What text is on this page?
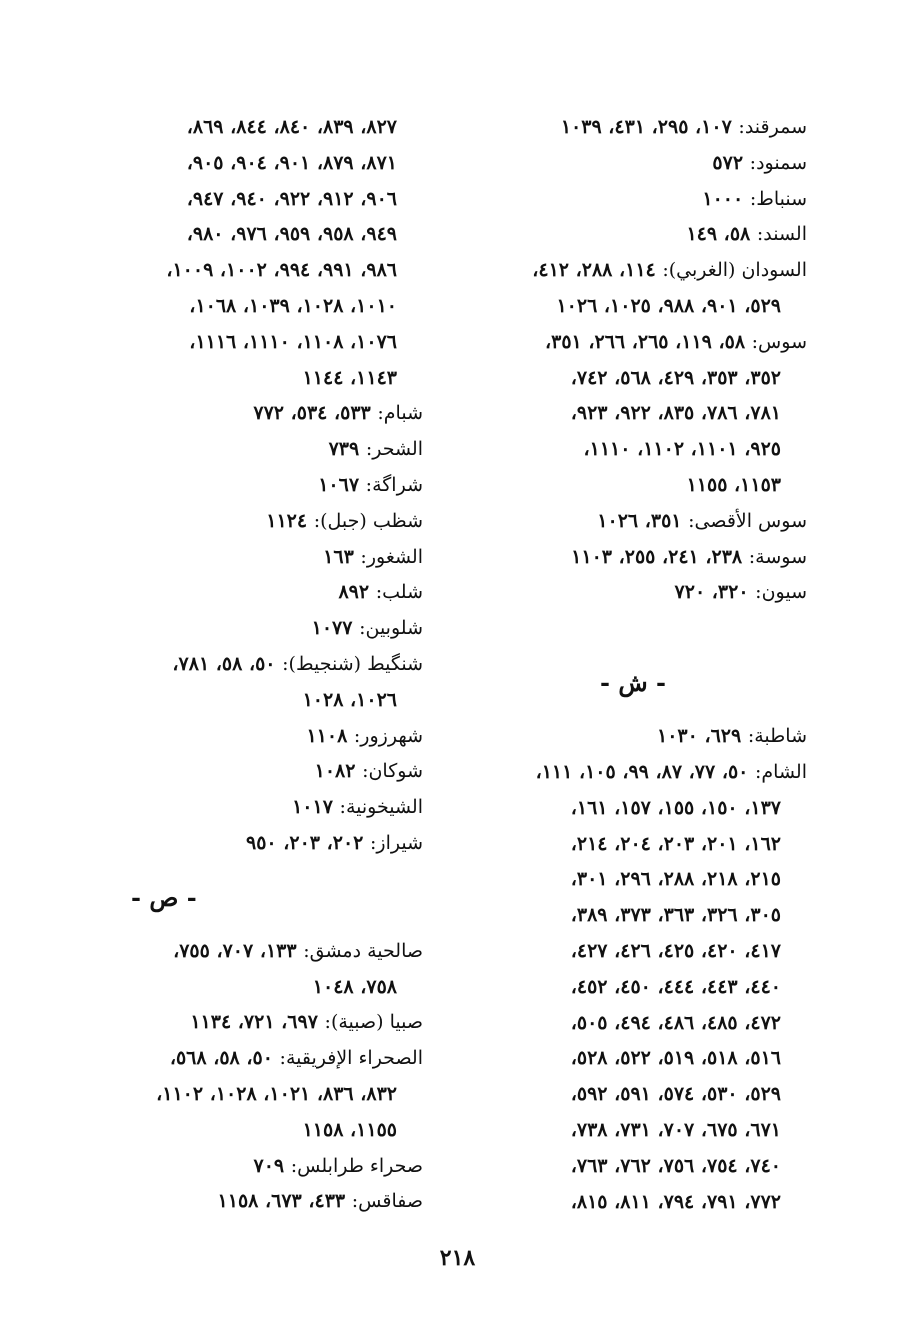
سمرقند: ١٠٧، ٢٩٥، ٤٣١، ١٠٣٩
سمنود: ٥٧٢
سنباط: ١٠٠٠
السند: ٥٨، ١٤٩
السودان (الغربي): ١١٤، ٢٨٨، ٤١٢،
٥٢٩، ٩٠١، ٩٨٨، ١٠٢٥، ١٠٢٦
سوس: ٥٨، ١١٩، ٢٦٥، ٢٦٦، ٣٥١،
٣٥٢، ٣٥٣، ٤٢٩، ٥٦٨، ٧٤٢،
٧٨١، ٧٨٦، ٨٣٥، ٩٢٢، ٩٢٣،
٩٢٥، ١١٠١، ١١٠٢، ١١١٠،
١١٥٣، ١١٥٥
سوس الأقصى: ٣٥١، ١٠٢٦
سوسة: ٢٣٨، ٢٤١، ٢٥٥، ١١٠٣
سيون: ٣٢٠، ٧٢٠
- ش -
شاطبة: ٦٢٩، ١٠٣٠
الشام: ٥٠، ٧٧، ٨٧، ٩٩، ١٠٥، ١١١،
١٣٧، ١٥٠، ١٥٥، ١٥٧، ١٦١،
١٦٢، ٢٠١، ٢٠٣، ٢٠٤، ٢١٤،
٢١٥، ٢١٨، ٢٨٨، ٢٩٦، ٣٠١،
٣٠٥، ٣٢٦، ٣٦٣، ٣٧٣، ٣٨٩،
٤١٧، ٤٢٠، ٤٢٥، ٤٢٦، ٤٢٧،
٤٤٠، ٤٤٣، ٤٤٤، ٤٥٠، ٤٥٢،
٤٧٢، ٤٨٥، ٤٨٦، ٤٩٤، ٥٠٥،
٥١٦، ٥١٨، ٥١٩، ٥٢٢، ٥٢٨،
٥٢٩، ٥٣٠، ٥٧٤، ٥٩١، ٥٩٢،
٦٧١، ٦٧٥، ٧٠٧، ٧٣١، ٧٣٨،
٧٤٠، ٧٥٤، ٧٥٦، ٧٦٢، ٧٦٣،
٧٧٢، ٧٩١، ٧٩٤، ٨١١، ٨١٥،
٨٢٧، ٨٣٩، ٨٤٠، ٨٤٤، ٨٦٩،
٨٧١، ٨٧٩، ٩٠١، ٩٠٤، ٩٠٥،
٩٠٦، ٩١٢، ٩٢٢، ٩٤٠، ٩٤٧،
٩٤٩، ٩٥٨، ٩٥٩، ٩٧٦، ٩٨٠،
٩٨٦، ٩٩١، ٩٩٤، ١٠٠٢، ١٠٠٩،
١٠١٠، ١٠٢٨، ١٠٣٩، ١٠٦٨،
١٠٧٦، ١١٠٨، ١١١٠، ١١١٦،
١١٤٣، ١١٤٤
شبام: ٥٣٣، ٥٣٤، ٧٧٢
الشحر: ٧٣٩
شراگة: ١٠٦٧
شظب (جبل): ١١٢٤
الشغور: ١٦٣
شلب: ٨٩٢
شلوبين: ١٠٧٧
شنگيط (شنجيط): ٥٠، ٥٨، ٧٨١،
١٠٢٦، ١٠٢٨
شهرزور: ١١٠٨
شوكان: ١٠٨٢
الشيخونية: ١٠١٧
شيراز: ٢٠٢، ٢٠٣، ٩٥٠
- ص -
صالحية دمشق: ١٣٣، ٧٠٧، ٧٥٥،
٧٥٨، ١٠٤٨
صبيا (صبية): ٦٩٧، ٧٢١، ١١٣٤
الصحراء الإفريقية: ٥٠، ٥٨، ٥٦٨،
٨٣٢، ٨٣٦، ١٠٢١، ١٠٢٨، ١١٠٢،
١١٥٥، ١١٥٨
صحراء طرابلس: ٧٠٩
صفاقس: ٤٣٣، ٦٧٣، ١١٥٨
٢١٨
